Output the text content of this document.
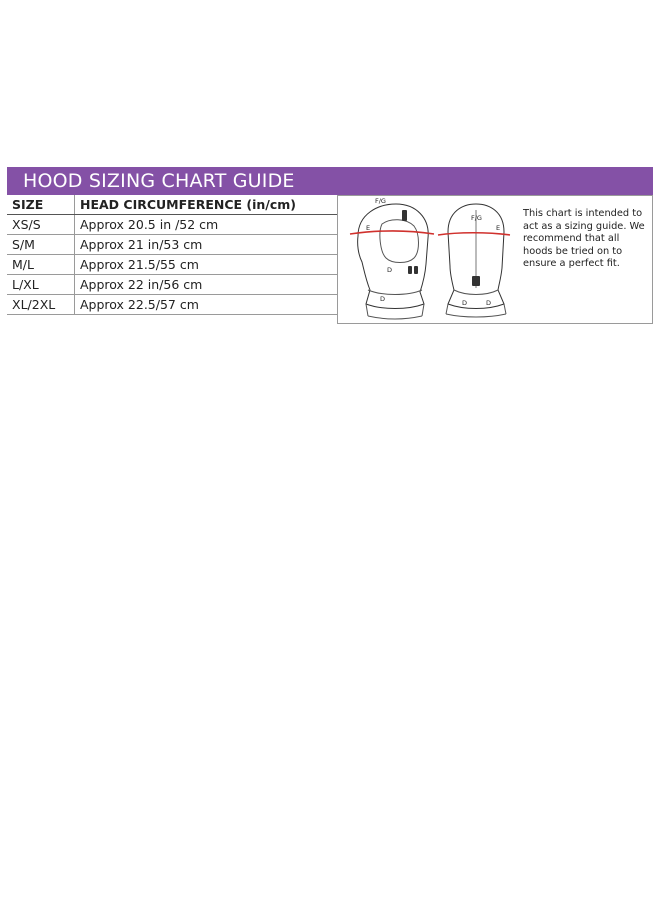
HOOD SIZING CHART GUIDE
SIZE	HEAD CIRCUMFERENCE (in/cm)
XS/S	Approx 20.5 in /52 cm
S/M	Approx 21 in/53 cm
M/L	Approx 21.5/55 cm
L/XL	Approx 22 in/56 cm
XL/2XL	Approx 22.5/57 cm
F/G
E
D
D
F/G
E
D	D
This chart is intended to act as a sizing guide. We recommend that all hoods be tried on to ensure a perfect fit.
